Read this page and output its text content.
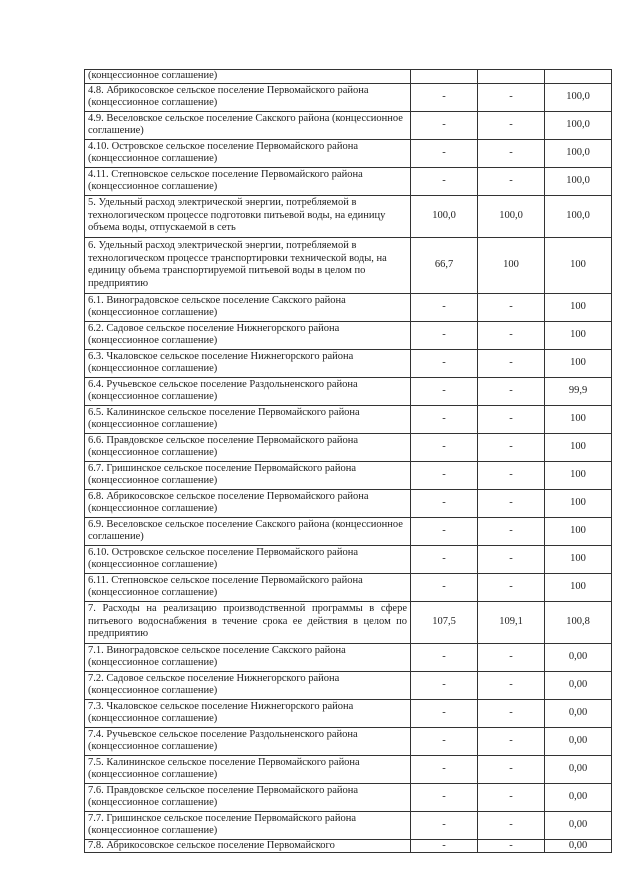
(концессионное соглашение)			
4.8. Абрикосовское сельское поселение Первомайского района (концессионное соглашение)	-	-	100,0
4.9. Веселовское сельское поселение Сакского района (концессионное соглашение)	-	-	100,0
4.10. Островское сельское поселение Первомайского района (концессионное соглашение)	-	-	100,0
4.11. Степновское сельское поселение Первомайского района (концессионное соглашение)	-	-	100,0
5. Удельный расход электрической энергии, потребляемой в технологическом процессе подготовки питьевой воды, на единицу объема воды, отпускаемой в сеть	100,0	100,0	100,0
6. Удельный расход электрической энергии, потребляемой в технологическом процессе транспортировки технической воды, на единицу объема транспортируемой питьевой воды в целом по предприятию	66,7	100	100
6.1. Виноградовское сельское поселение Сакского района (концессионное соглашение)	-	-	100
6.2. Садовое сельское поселение Нижнегорского района (концессионное соглашение)	-	-	100
6.3. Чкаловское сельское поселение Нижнегорского района (концессионное соглашение)	-	-	100
6.4. Ручьевское сельское поселение Раздольненского района (концессионное соглашение)	-	-	99,9
6.5. Калининское сельское поселение Первомайского района (концессионное соглашение)	-	-	100
6.6. Правдовское сельское поселение Первомайского района (концессионное соглашение)	-	-	100
6.7. Гришинское сельское поселение Первомайского района (концессионное соглашение)	-	-	100
6.8. Абрикосовское сельское поселение Первомайского района (концессионное соглашение)	-	-	100
6.9. Веселовское сельское поселение Сакского района (концессионное соглашение)	-	-	100
6.10. Островское сельское поселение Первомайского района (концессионное соглашение)	-	-	100
6.11. Степновское сельское поселение Первомайского района (концессионное соглашение)	-	-	100
7. Расходы на реализацию производственной программы в сфере питьевого водоснабжения в течение срока ее действия в целом по предприятию	107,5	109,1	100,8
7.1. Виноградовское сельское поселение Сакского района (концессионное соглашение)	-	-	0,00
7.2. Садовое сельское поселение Нижнегорского района (концессионное соглашение)	-	-	0,00
7.3. Чкаловское сельское поселение Нижнегорского района (концессионное соглашение)	-	-	0,00
7.4. Ручьевское сельское поселение Раздольненского района (концессионное соглашение)	-	-	0,00
7.5. Калининское сельское поселение Первомайского района (концессионное соглашение)	-	-	0,00
7.6. Правдовское сельское поселение Первомайского района (концессионное соглашение)	-	-	0,00
7.7. Гришинское сельское поселение Первомайского района (концессионное соглашение)	-	-	0,00
7.8. Абрикосовское сельское поселение Первомайского	-	-	0,00
